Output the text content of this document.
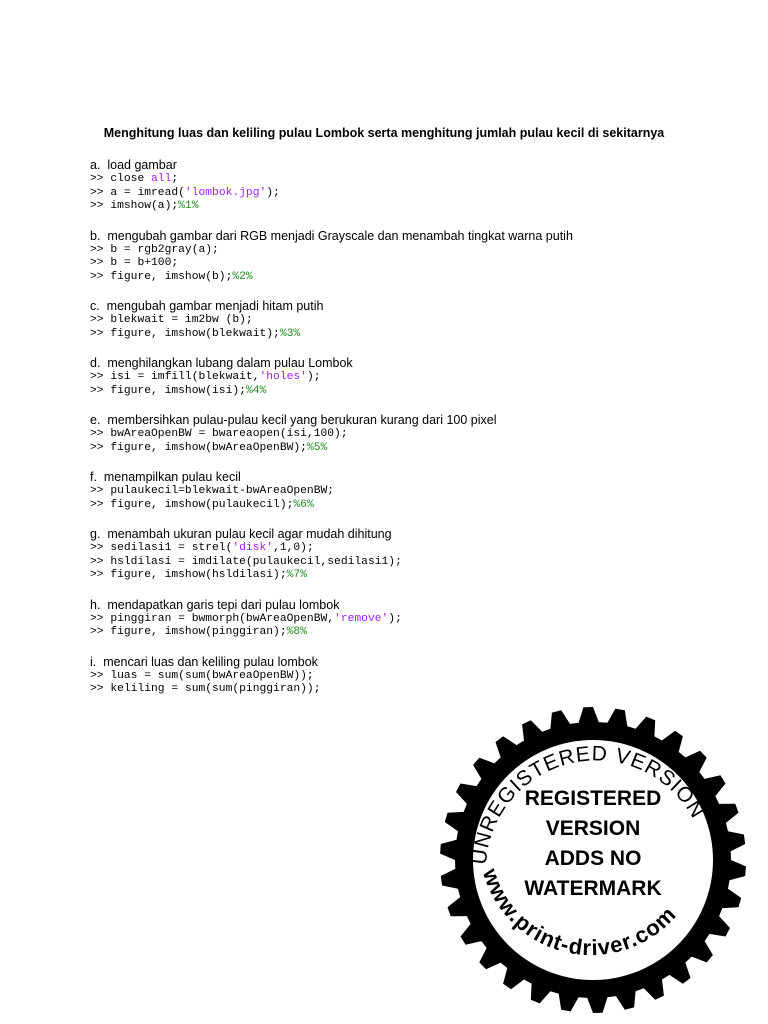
Menghitung luas dan keliling pulau Lombok serta menghitung jumlah pulau kecil di sekitarnya
a.  load gambar
>> close all;
>> a = imread('lombok.jpg');
>> imshow(a);%1%
b.  mengubah gambar dari RGB menjadi Grayscale dan menambah tingkat warna putih
>> b = rgb2gray(a);
>> b = b+100;
>> figure, imshow(b);%2%
c.  mengubah gambar menjadi hitam putih
>> blekwait = im2bw (b);
>> figure, imshow(blekwait);%3%
d.  menghilangkan lubang dalam pulau Lombok
>> isi = imfill(blekwait,'holes');
>> figure, imshow(isi);%4%
e.  membersihkan pulau-pulau kecil yang berukuran kurang dari 100 pixel
>> bwAreaOpenBW = bwareaopen(isi,100);
>> figure, imshow(bwAreaOpenBW);%5%
f.  menampilkan pulau kecil
>> pulaukecil=blekwait-bwAreaOpenBW;
>> figure, imshow(pulaukecil);%6%
g.  menambah ukuran pulau kecil agar mudah dihitung
>> sedilasi1 = strel('disk',1,0);
>> hsldilasi = imdilate(pulaukecil,sedilasi1);
>> figure, imshow(hsldilasi);%7%
h.  mendapatkan garis tepi dari pulau lombok
>> pinggiran = bwmorph(bwAreaOpenBW,'remove');
>> figure, imshow(pinggiran);%8%
i.  mencari luas dan keliling pulau lombok
>> luas = sum(sum(bwAreaOpenBW));
>> keliling = sum(sum(pinggiran));
UNREGISTERED VERSION
www.print-driver.com
REGISTERED
VERSION
ADDS NO
WATERMARK
